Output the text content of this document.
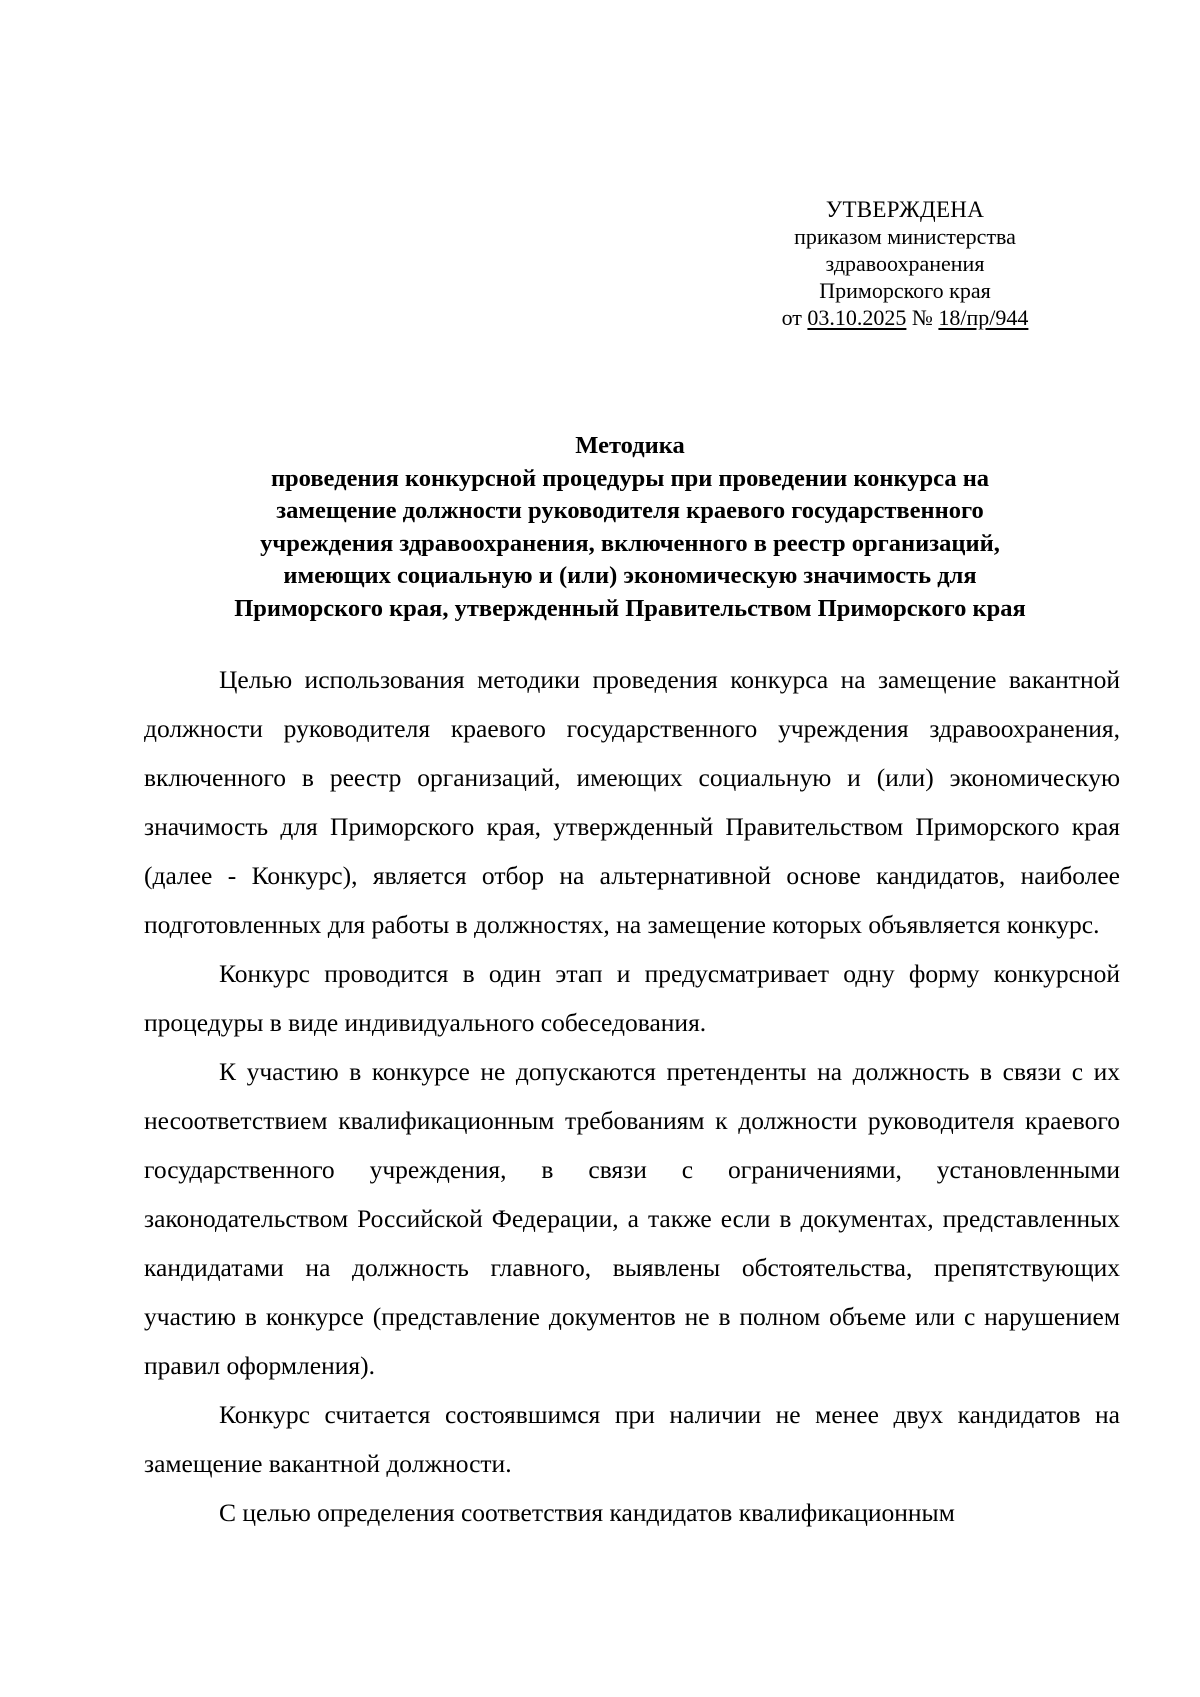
УТВЕРЖДЕНА
приказом министерства
здравоохранения
Приморского края
от 03.10.2025 № 18/пр/944
Методика
проведения конкурсной процедуры при проведении конкурса на
замещение должности руководителя краевого государственного
учреждения здравоохранения, включенного в реестр организаций,
имеющих социальную и (или) экономическую значимость для
Приморского края, утвержденный Правительством Приморского края

Целью использования методики проведения конкурса на замещение вакантной должности руководителя краевого государственного учреждения здравоохранения, включенного в реестр организаций, имеющих социальную и (или) экономическую значимость для Приморского края, утвержденный Правительством Приморского края (далее - Конкурс), является отбор на альтернативной основе кандидатов, наиболее подготовленных для работы в должностях, на замещение которых объявляется конкурс.

Конкурс проводится в один этап и предусматривает одну форму конкурсной процедуры в виде индивидуального собеседования.

К участию в конкурсе не допускаются претенденты на должность в связи с их несоответствием квалификационным требованиям к должности руководителя краевого государственного учреждения, в связи с ограничениями, установленными законодательством Российской Федерации, а также если в документах, представленных кандидатами на должность главного, выявлены обстоятельства, препятствующих участию в конкурсе (представление документов не в полном объеме или с нарушением правил оформления).

Конкурс считается состоявшимся при наличии не менее двух кандидатов на замещение вакантной должности.

С целью определения соответствия кандидатов квалификационным
